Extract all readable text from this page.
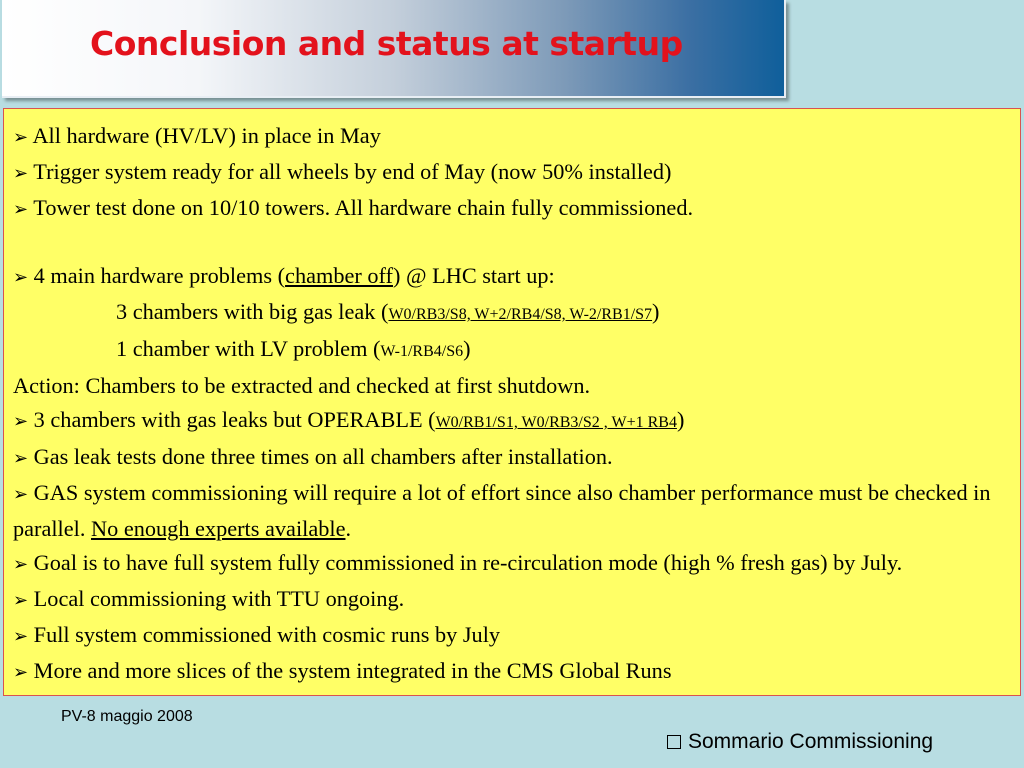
Conclusion and status at startup

➢ All hardware (HV/LV) in place in May

➢ Trigger system ready for all wheels by end of May (now 50% installed)

➢ Tower test done on 10/10 towers. All hardware chain fully commissioned.

➢ 4 main hardware problems (chamber off) @ LHC start up:

3 chambers with big gas leak (W0/RB3/S8, W+2/RB4/S8, W-2/RB1/S7)

1 chamber with LV problem (W-1/RB4/S6)

Action: Chambers to be extracted and checked at first shutdown.

➢ 3 chambers with gas leaks but OPERABLE (W0/RB1/S1, W0/RB3/S2 , W+1 RB4)

➢ Gas leak tests done three times on all chambers after installation.

➢ GAS system commissioning will require a lot of effort since also chamber performance must be checked in parallel. No enough experts available.

➢ Goal is to have full system fully commissioned in re-circulation mode (high % fresh gas) by July.

➢ Local commissioning with TTU ongoing.

➢ Full system commissioned with cosmic runs by July

➢ More and more slices of the system integrated in the CMS Global Runs

PV-8 maggio 2008
Sommario Commissioning
